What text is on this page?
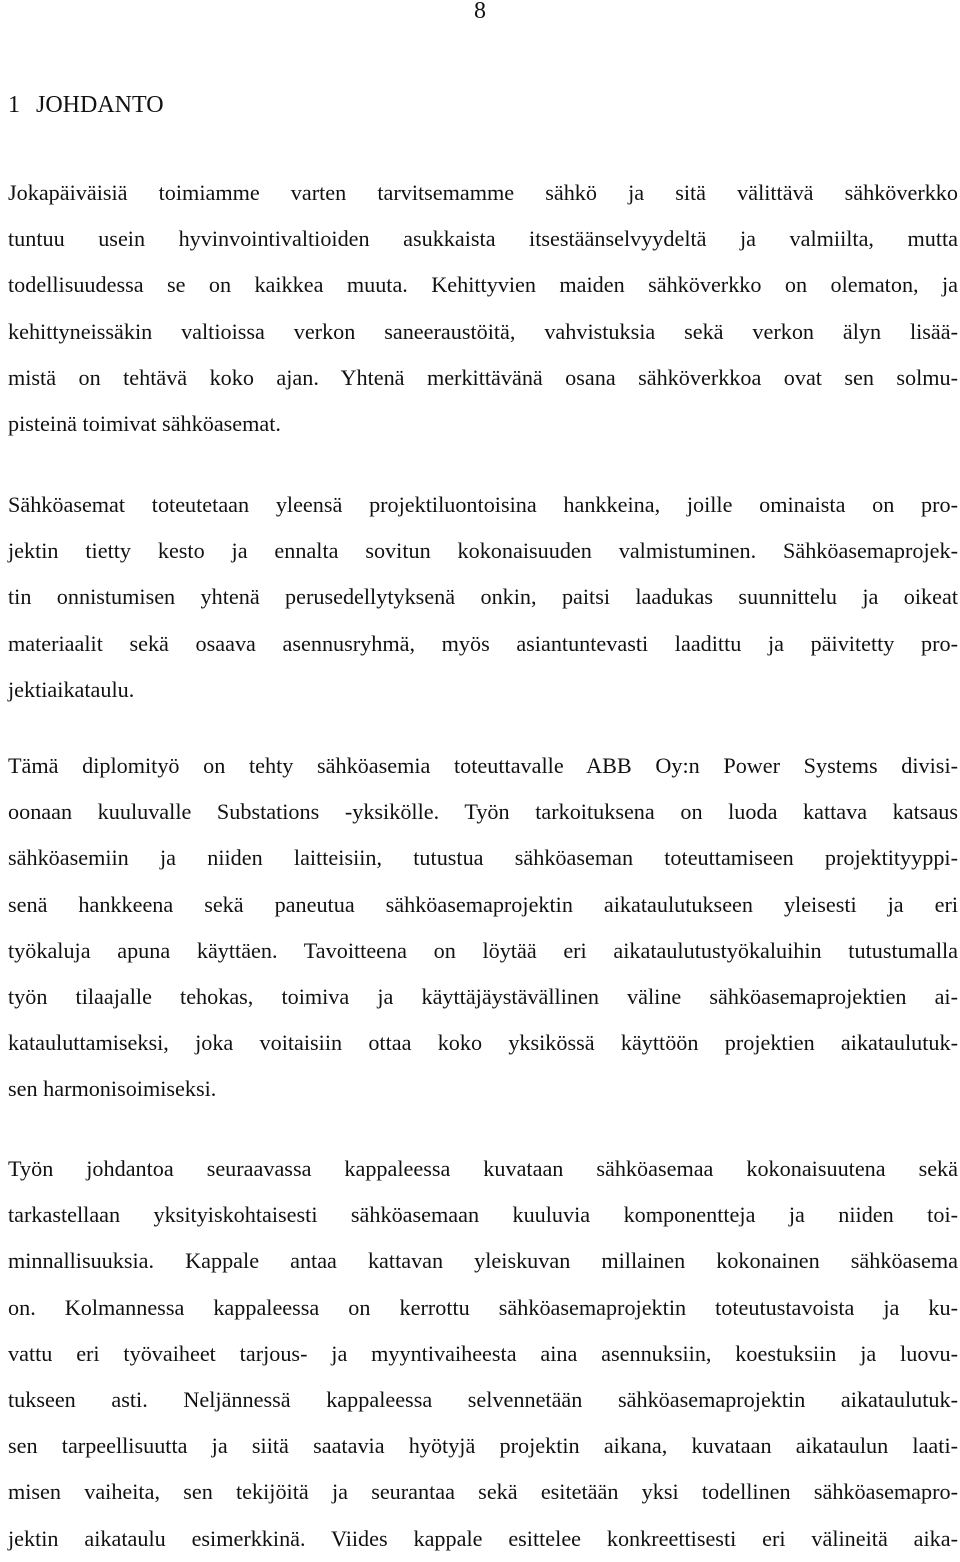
8
1 JOHDANTO
Jokapäiväisiä toimiamme varten tarvitsemamme sähkö ja sitä välittävä sähköverkko
tuntuu usein hyvinvointivaltioiden asukkaista itsestäänselvyydeltä ja valmiilta, mutta
todellisuudessa se on kaikkea muuta. Kehittyvien maiden sähköverkko on olematon, ja
kehittyneissäkin valtioissa verkon saneeraustöitä, vahvistuksia sekä verkon älyn lisää-
mistä on tehtävä koko ajan. Yhtenä merkittävänä osana sähköverkkoa ovat sen solmu-
pisteinä toimivat sähköasemat.
Sähköasemat toteutetaan yleensä projektiluontoisina hankkeina, joille ominaista on pro-
jektin tietty kesto ja ennalta sovitun kokonaisuuden valmistuminen. Sähköasemaprojek-
tin onnistumisen yhtenä perusedellytyksenä onkin, paitsi laadukas suunnittelu ja oikeat
materiaalit sekä osaava asennusryhmä, myös asiantuntevasti laadittu ja päivitetty pro-
jektiaikataulu.
Tämä diplomityö on tehty sähköasemia toteuttavalle ABB Oy:n Power Systems divisi-
oonaan kuuluvalle Substations -yksikölle. Työn tarkoituksena on luoda kattava katsaus
sähköasemiin ja niiden laitteisiin, tutustua sähköaseman toteuttamiseen projektityyppi-
senä hankkeena sekä paneutua sähköasemaprojektin aikataulutukseen yleisesti ja eri
työkaluja apuna käyttäen. Tavoitteena on löytää eri aikataulutustyökaluihin tutustumalla
työn tilaajalle tehokas, toimiva ja käyttäjäystävällinen väline sähköasemaprojektien ai-
katauluttamiseksi, joka voitaisiin ottaa koko yksikössä käyttöön projektien aikataulutuk-
sen harmonisoimiseksi.
Työn johdantoa seuraavassa kappaleessa kuvataan sähköasemaa kokonaisuutena sekä
tarkastellaan yksityiskohtaisesti sähköasemaan kuuluvia komponentteja ja niiden toi-
minnallisuuksia. Kappale antaa kattavan yleiskuvan millainen kokonainen sähköasema
on. Kolmannessa kappaleessa on kerrottu sähköasemaprojektin toteutustavoista ja ku-
vattu eri työvaiheet tarjous- ja myyntivaiheesta aina asennuksiin, koestuksiin ja luovu-
tukseen asti. Neljännessä kappaleessa selvennetään sähköasemaprojektin aikataulutuk-
sen tarpeellisuutta ja siitä saatavia hyötyjä projektin aikana, kuvataan aikataulun laati-
misen vaiheita, sen tekijöitä ja seurantaa sekä esitetään yksi todellinen sähköasemapro-
jektin aikataulu esimerkkinä. Viides kappale esittelee konkreettisesti eri välineitä aika-
